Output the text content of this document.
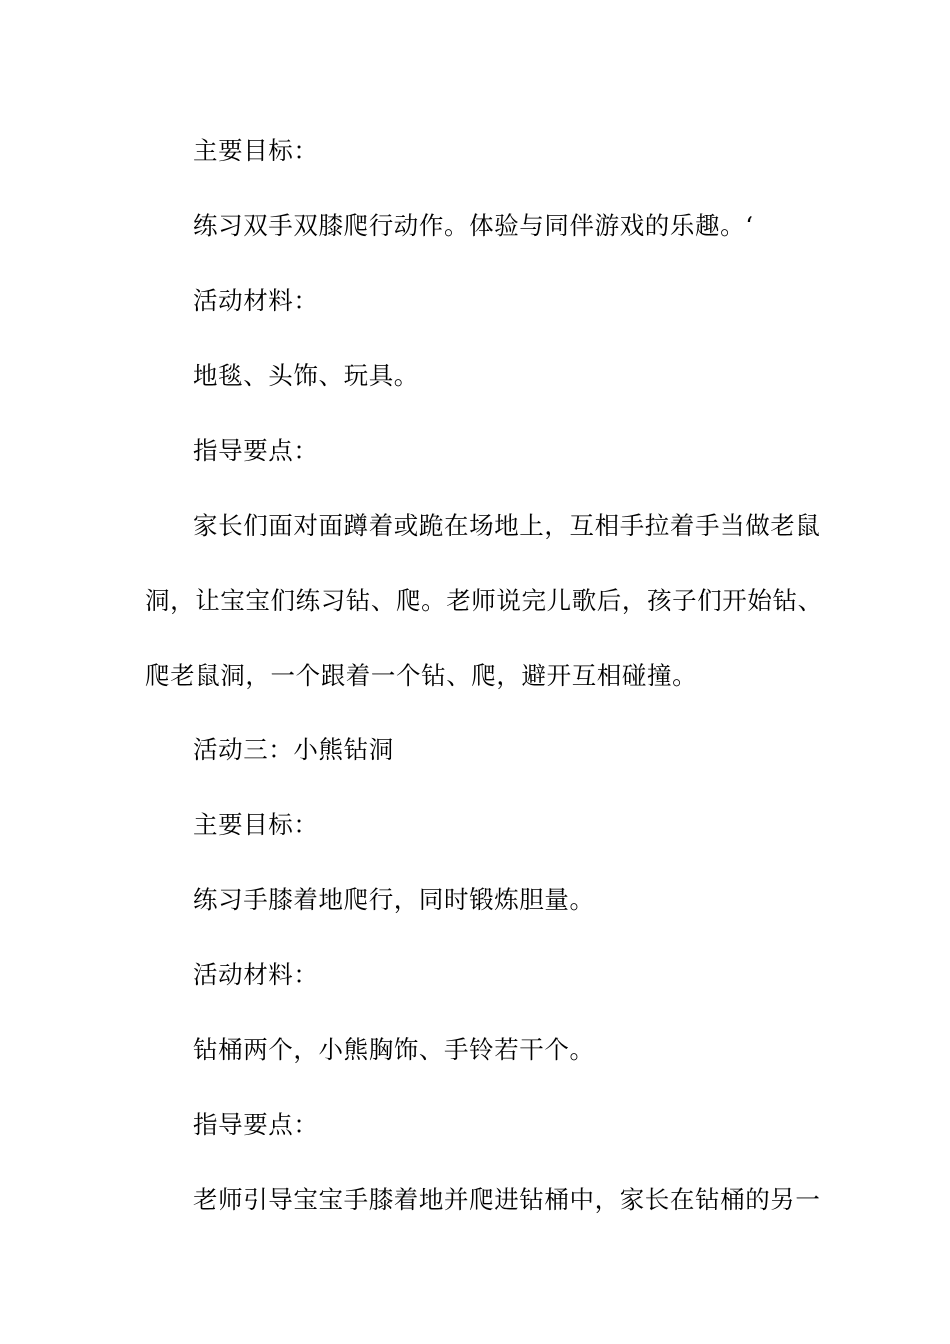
主要目标：
练习双手双膝爬行动作。体验与同伴游戏的乐趣。‘
活动材料：
地毯、头饰、玩具。
指导要点：
家长们面对面蹲着或跪在场地上，互相手拉着手当做老鼠
洞，让宝宝们练习钻、爬。老师说完儿歌后，孩子们开始钻、
爬老鼠洞，一个跟着一个钻、爬，避开互相碰撞。
活动三：小熊钻洞
主要目标：
练习手膝着地爬行，同时锻炼胆量。
活动材料：
钻桶两个，小熊胸饰、手铃若干个。
指导要点：
老师引导宝宝手膝着地并爬进钻桶中，家长在钻桶的另一
